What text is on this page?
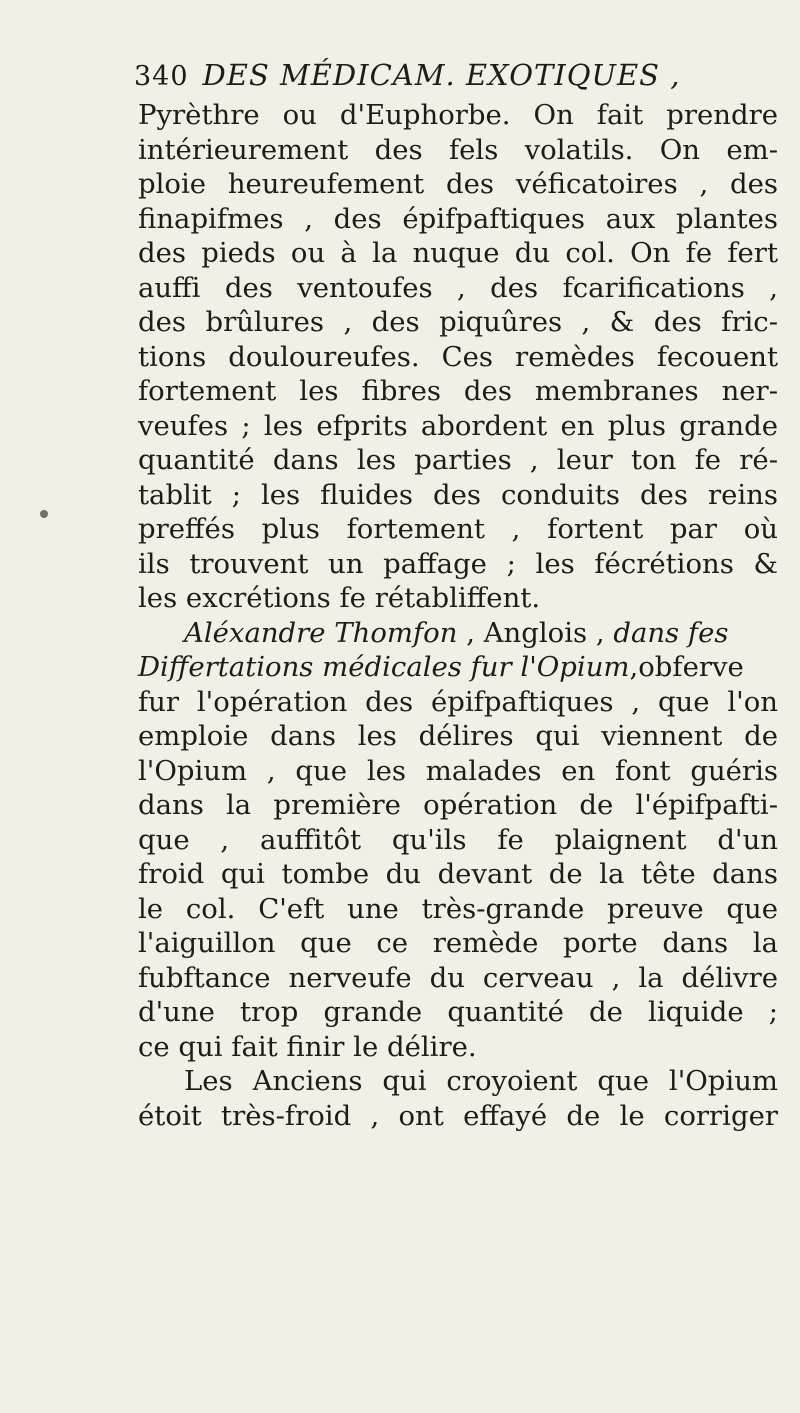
340 DES MÉDICAM. EXOTIQUES ,
Pyrèthre ou d'Euphorbe. On fait prendre
intérieurement des fels volatils. On em-
ploie heureufement des véficatoires , des
finapifmes , des épifpaftiques aux plantes
des pieds ou à la nuque du col. On fe fert
auffi des ventoufes , des fcarifications ,
des brûlures , des piquûres , & des fric-
tions douloureufes. Ces remèdes fecouent
fortement les fibres des membranes ner-
veufes ; les efprits abordent en plus grande
quantité dans les parties , leur ton fe ré-
tablit ; les fluides des conduits des reins
preffés plus fortement , fortent par où
ils trouvent un paffage ; les fécrétions &
les excrétions fe rétabliffent.
Aléxandre Thomfon , Anglois , dans fes
Differtations médicales fur l'Opium,obferve
fur l'opération des épifpaftiques , que l'on
emploie dans les délires qui viennent de
l'Opium , que les malades en font guéris
dans la première opération de l'épifpafti-
que , auffitôt qu'ils fe plaignent d'un
froid qui tombe du devant de la tête dans
le col. C'eft une très-grande preuve que
l'aiguillon que ce remède porte dans la
fubftance nerveufe du cerveau , la délivre
d'une trop grande quantité de liquide ;
ce qui fait finir le délire.
Les Anciens qui croyoient que l'Opium
étoit très-froid , ont effayé de le corriger
